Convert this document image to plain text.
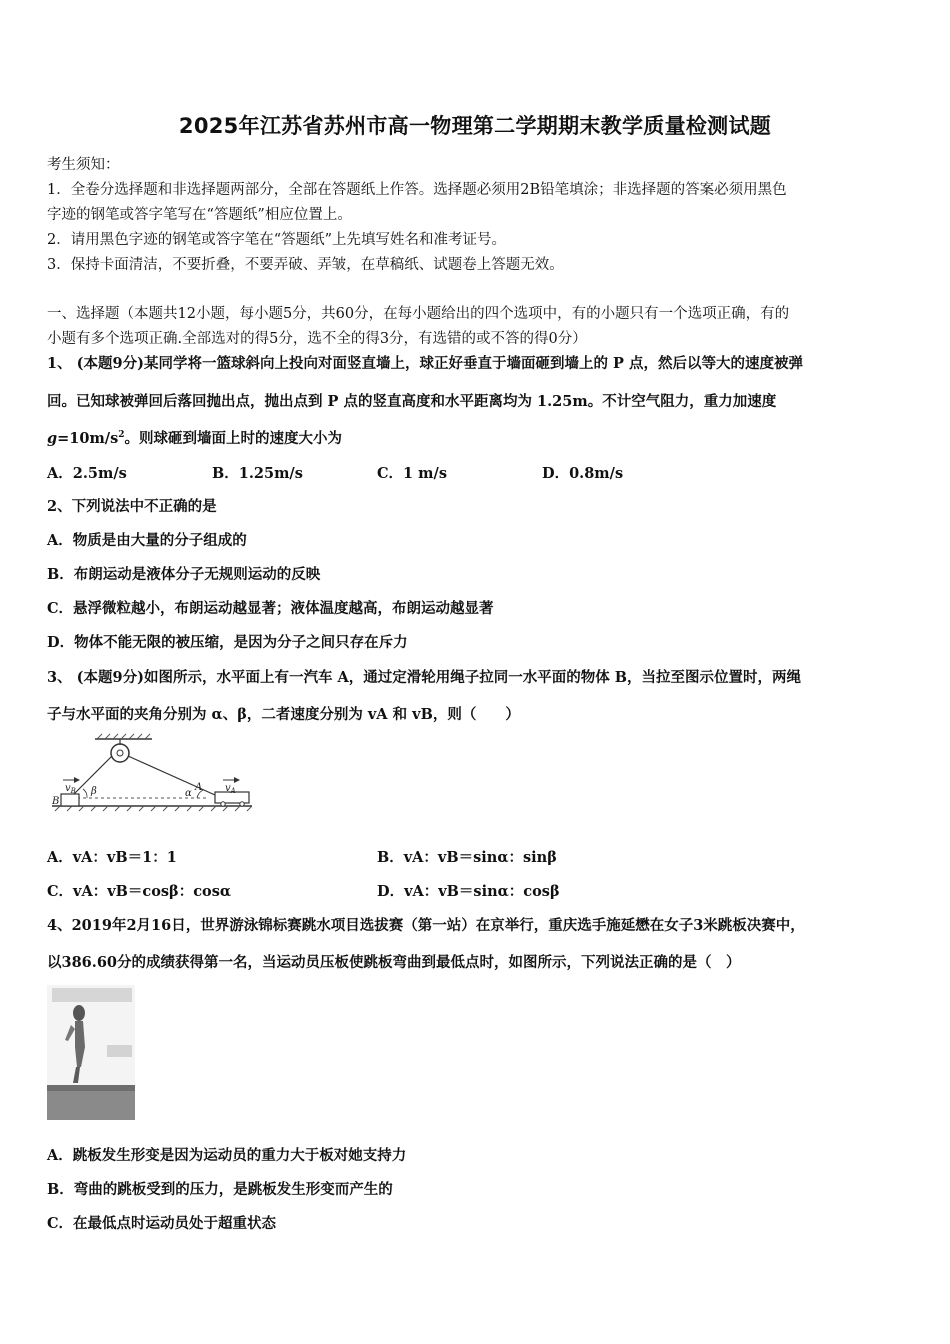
2025年江苏省苏州市高一物理第二学期期末教学质量检测试题
考生须知：
1．全卷分选择题和非选择题两部分，全部在答题纸上作答。选择题必须用2B铅笔填涂；非选择题的答案必须用黑色
字迹的钢笔或答字笔写在“答题纸”相应位置上。
2．请用黑色字迹的钢笔或答字笔在“答题纸”上先填写姓名和准考证号。
3．保持卡面清洁，不要折叠，不要弄破、弄皱，在草稿纸、试题卷上答题无效。
一、选择题（本题共12小题，每小题5分，共60分，在每小题给出的四个选项中，有的小题只有一个选项正确，有的
小题有多个选项正确.全部选对的得5分，选不全的得3分，有选错的或不答的得0分）
1、 (本题9分)某同学将一篮球斜向上投向对面竖直墙上，球正好垂直于墙面砸到墙上的 P 点，然后以等大的速度被弹
回。已知球被弹回后落回抛出点，抛出点到 P 点的竖直高度和水平距离均为 1.25m。不计空气阻力，重力加速度
$g=10m/s^2$。则球砸到墙面上时的速度大小为
A．2.5m/s	B．1.25m/s	C．1 m/s	D．0.8m/s
2、下列说法中不正确的是
A．物质是由大量的分子组成的
B．布朗运动是液体分子无规则运动的反映
C．悬浮微粒越小，布朗运动越显著；液体温度越高，布朗运动越显著
D．物体不能无限的被压缩，是因为分子之间只存在斥力
3、 (本题9分)如图所示，水平面上有一汽车 A，通过定滑轮用绳子拉同一水平面的物体 B，当拉至图示位置时，两绳
子与水平面的夹角分别为 α、β，二者速度分别为 vA 和 vB，则（　　）
$v_B$	$v_A$
B
A
β	α
A．vA：vB＝1：1	B．vA：vB＝sinα：sinβ
C．vA：vB＝cosβ：cosα	D．vA：vB＝sinα：cosβ
4、2019年2月16日，世界游泳锦标赛跳水项目选拔赛（第一站）在京举行，重庆选手施延懋在女子3米跳板决赛中，
以386.60分的成绩获得第一名，当运动员压板使跳板弯曲到最低点时，如图所示，下列说法正确的是（　）
A．跳板发生形变是因为运动员的重力大于板对她支持力
B．弯曲的跳板受到的压力，是跳板发生形变而产生的
C．在最低点时运动员处于超重状态
